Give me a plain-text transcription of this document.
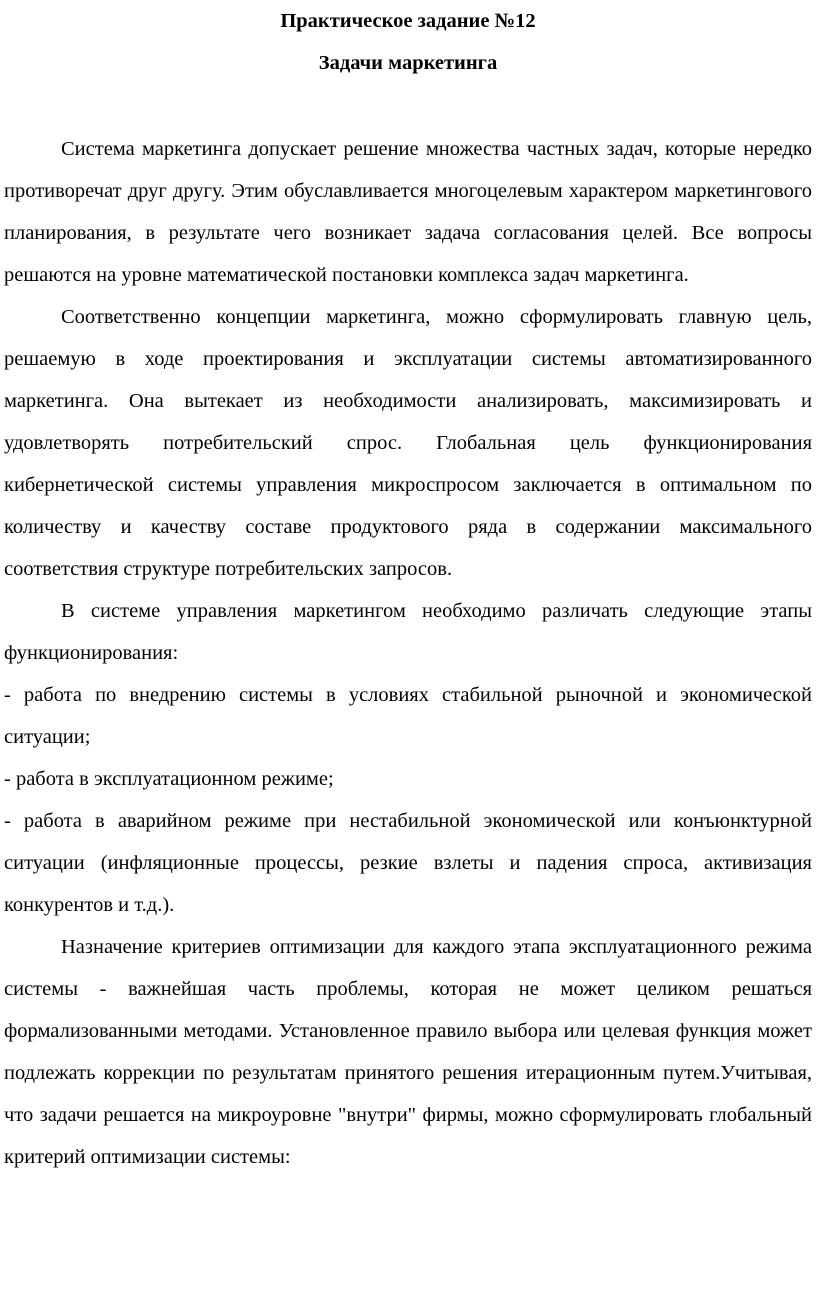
Практическое задание №12

Задачи маркетинга

Система маркетинга допускает решение множества частных задач, которые нередко противоречат друг другу. Этим обуславливается многоцелевым характером маркетингового планирования, в результате чего возникает задача согласования целей. Все вопросы решаются на уровне математической постановки комплекса задач маркетинга.

Соответственно концепции маркетинга, можно сформулировать главную цель, решаемую в ходе проектирования и эксплуатации системы автоматизированного маркетинга. Она вытекает из необходимости анализировать, максимизировать и удовлетворять потребительский спрос. Глобальная цель функционирования кибернетической системы управления микроспросом заключается в оптимальном по количеству и качеству составе продуктового ряда в содержании максимального соответствия структуре потребительских запросов.

В системе управления маркетингом необходимо различать следующие этапы функционирования:

- работа по внедрению системы в условиях стабильной рыночной и экономической ситуации;

- работа в эксплуатационном режиме;

- работа в аварийном режиме при нестабильной экономической или конъюнктурной ситуации (инфляционные процессы, резкие взлеты и падения спроса, активизация конкурентов и т.д.).

Назначение критериев оптимизации для каждого этапа эксплуатационного режима системы - важнейшая часть проблемы, которая не может целиком решаться формализованными методами. Установленное правило выбора или целевая функция может подлежать коррекции по результатам принятого решения итерационным путем.Учитывая, что задачи решается на микроуровне "внутри" фирмы, можно сформулировать глобальный критерий оптимизации системы:
